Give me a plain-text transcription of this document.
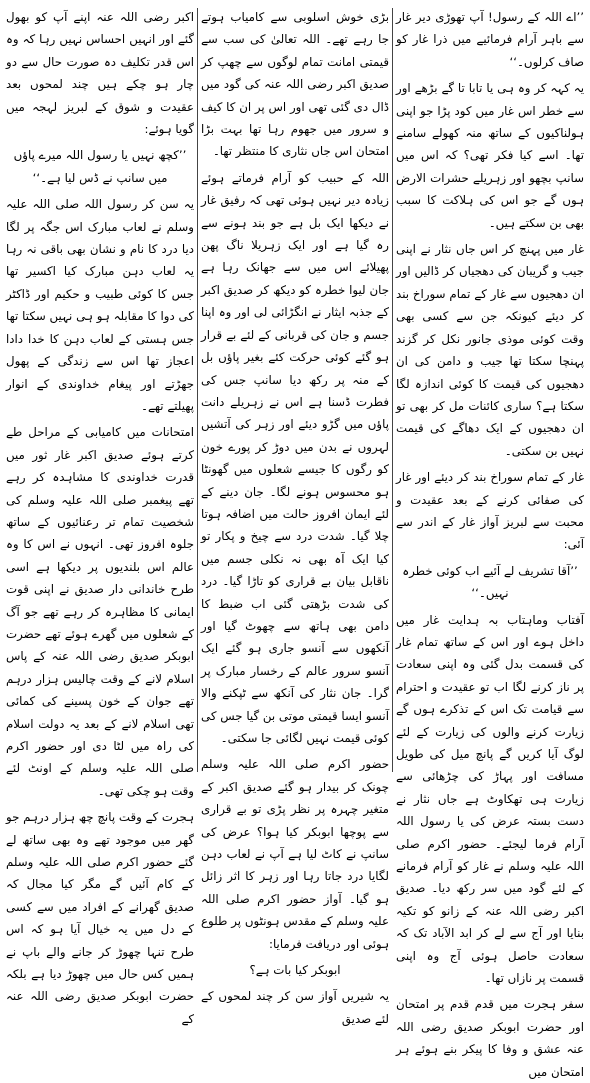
’’اے اللہ کے رسول! آپ تھوڑی دیر غار سے باہر آرام فرمائیے میں ذرا غار کو صاف کرلوں۔‘‘

یہ کہہ کر وہ ہی یا تابا تا گے بڑھے اور سے خطر اس غار میں کود پڑا جو اپنی ہولناکیوں کے ساتھ منہ کھولے سامنے تھا۔ اسے کیا فکر تھی؟ کہ اس میں سانپ بچھو اور زہریلے حشرات الارض ہوں گے جو اس کی ہلاکت کا سبب بھی بن سکتے ہیں۔

غار میں پہنچ کر اس جاں نثار نے اپنی جیب و گریبان کی دھجیاں کر ڈالیں اور ان دھجیوں سے غار کے تمام سوراخ بند کر دیئے کیونکہ جن سے کسی بھی وقت کوئی موذی جانور نکل کر گزند پہنچا سکتا تھا جیب و دامن کی ان دھجیوں کی قیمت کا کوئی اندازہ لگا سکتا ہے؟ ساری کائنات مل کر بھی تو ان دھجیوں کے ایک دھاگے کی قیمت نہیں بن سکتی۔

غار کے تمام سوراخ بند کر دیئے اور غار کی صفائی کرنے کے بعد عقیدت و محبت سے لبریز آواز غار کے اندر سے آئی:

’’آقا تشریف لے آئیے اب کوئی خطرہ نہیں۔‘‘

آفتاب وماہتاب بہ ہدایت غار میں داخل ہوے اور اس کے ساتھ تمام غار کی قسمت بدل گئی وہ اپنی سعادت پر ناز کرنے لگا اب تو عقیدت و احترام سے قیامت تک اس کے تذکرے ہوں گے زیارت کرنے والوں کی زیارت کے لئے لوگ آیا کریں گے پانچ میل کی طویل مسافت اور پہاڑ کی چڑھائی سے زیارت ہی تھکاوٹ ہے جاں نثار نے دست بستہ عرض کی یا رسول اللہ آرام فرما لیجئے۔ حضور اکرم صلی اللہ علیہ وسلم نے غار کو آرام فرمانے کے لئے گود میں سر رکھ دیا۔ صدیق اکبر رضی اللہ عنہ کے زانو کو تکیہ بنایا اور آج سے لے کر ابد الآباد تک کہ سعادت حاصل ہوئی آج وہ اپنی قسمت پر نازاں تھا۔

سفر ہجرت میں قدم قدم پر امتحان اور حضرت ابوبکر صدیق رضی اللہ عنہ عشق و وفا کا پیکر بنے ہوئے ہر امتحان میں

بڑی خوش اسلوبی سے کامیاب ہوتے جا رہے تھے۔ اللہ تعالیٰ کی سب سے قیمتی امانت تمام لوگوں سے چھپ کر صدیق اکبر رضی اللہ عنہ کی گود میں ڈال دی گئی تھی اور اس پر ان کا کیف و سرور میں جھوم رہا تھا بہت بڑا امتحان اس جاں نثاری کا منتظر تھا۔

اللہ کے حبیب کو آرام فرماتے ہوئے زیادہ دیر نہیں ہوئی تھی کہ رفیق غار نے دیکھا ایک بل ہے جو بند ہونے سے رہ گیا ہے اور ایک زہریلا ناگ پھن پھیلائے اس میں سے جھانک رہا ہے جان لیوا خطرہ کو دیکھ کر صدیق اکبر کے جذبہ ایثار نے انگڑائی لی اور وہ اپنا جسم و جان کی قربانی کے لئے بے قرار ہو گئے کوئی حرکت کئے بغیر پاؤں بل کے منہ پر رکھ دیا سانپ جس کی فطرت ڈسنا ہے اس نے زہریلے دانت پاؤں میں گڑو دیئے اور زہر کی آتشیں لہروں نے بدن میں دوڑ کر پورے خون کو رگوں کا جیسے شعلوں میں گھونٹا ہو محسوس ہونے لگا۔ جان دینے کے لئے ایمان افروز حالت میں اضافہ ہوتا چلا گیا۔ شدت درد سے چیخ و پکار تو کیا ایک آہ بھی نہ نکلی جسم میں ناقابل بیان بے قراری کو تاڑا گیا۔ درد کی شدت بڑھتی گئی اب ضبط کا دامن بھی ہاتھ سے چھوٹ گیا اور آنکھوں سے آنسو جاری ہو گئے ایک آنسو سرور عالم کے رخسار مبارک پر گرا۔ جان نثار کی آنکھ سے ٹپکنے والا آنسو ایسا قیمتی موتی بن گیا جس کی کوئی قیمت نہیں لگائی جا سکتی۔

حضور اکرم صلی اللہ علیہ وسلم چونک کر بیدار ہو گئے صدیق اکبر کے متغیر چہرہ پر نظر پڑی تو بے قراری سے پوچھا ابوبکر کیا ہوا؟ عرض کی سانپ نے کاٹ لیا ہے آپ نے لعاب دہن لگایا درد جاتا رہا اور زہر کا اثر زائل ہو گیا۔ آواز حضور اکرم صلی اللہ علیہ وسلم کے مقدس ہونٹوں پر طلوع ہوئی اور دریافت فرمایا:

ابوبکر کیا بات ہے؟

یہ شیریں آواز سن کر چند لمحوں کے لئے صدیق

اکبر رضی اللہ عنہ اپنے آپ کو بھول گئے اور انہیں احساس نہیں رہا کہ وہ اس قدر تکلیف دہ صورت حال سے دو چار ہو چکے ہیں چند لمحوں بعد عقیدت و شوق کے لبریز لہجہ میں گویا ہوئے:

’’کچھ نہیں یا رسول اللہ میرے پاؤں میں سانپ نے ڈس لیا ہے۔‘‘

یہ سن کر رسول اللہ صلی اللہ علیہ وسلم نے لعاب مبارک اس جگہ پر لگا دیا درد کا نام و نشان بھی باقی نہ رہا یہ لعاب دہن مبارک کیا اکسیر تھا جس کا کوئی طبیب و حکیم اور ڈاکٹر کی دوا کا مقابلہ ہو ہی نہیں سکتا تھا جس ہستی کے لعاب دہن کا خدا دادا اعجاز تھا اس سے زندگی کے پھول جھڑتے اور پیغام خداوندی کے انوار پھیلتے تھے۔

امتحانات میں کامیابی کے مراحل طے کرتے ہوئے صدیق اکبر غار ثور میں قدرت خداوندی کا مشاہدہ کر رہے تھے پیغمبر صلی اللہ علیہ وسلم کی شخصیت تمام تر رعنائیوں کے ساتھ جلوہ افروز تھی۔ انہوں نے اس کا وہ عالم اس بلندیوں پر دیکھا ہے اسی طرح خاندانی دار صدیق نے اپنی قوت ایمانی کا مظاہرہ کر رہے تھے جو آگ کے شعلوں میں گھرے ہوئے تھے حضرت ابوبکر صدیق رضی اللہ عنہ کے پاس اسلام لانے کے وقت چالیس ہزار درہم تھے جوان کے خون پسینے کی کمائی تھی اسلام لانے کے بعد یہ دولت اسلام کی راہ میں لٹا دی اور حضور اکرم صلی اللہ علیہ وسلم کے اونٹ لئے وقت ہو چکی تھی۔

ہجرت کے وقت پانچ چھ ہزار درہم جو گھر میں موجود تھے وہ بھی ساتھ لے گئے حضور اکرم صلی اللہ علیہ وسلم کے کام آئیں گے مگر کیا مجال کہ صدیق گھرانے کے افراد میں سے کسی کے دل میں یہ خیال آیا ہو کہ اس طرح تنہا چھوڑ کر جانے والے باپ نے ہمیں کس حال میں چھوڑ دیا ہے بلکہ حضرت ابوبکر صدیق رضی اللہ عنہ کے
